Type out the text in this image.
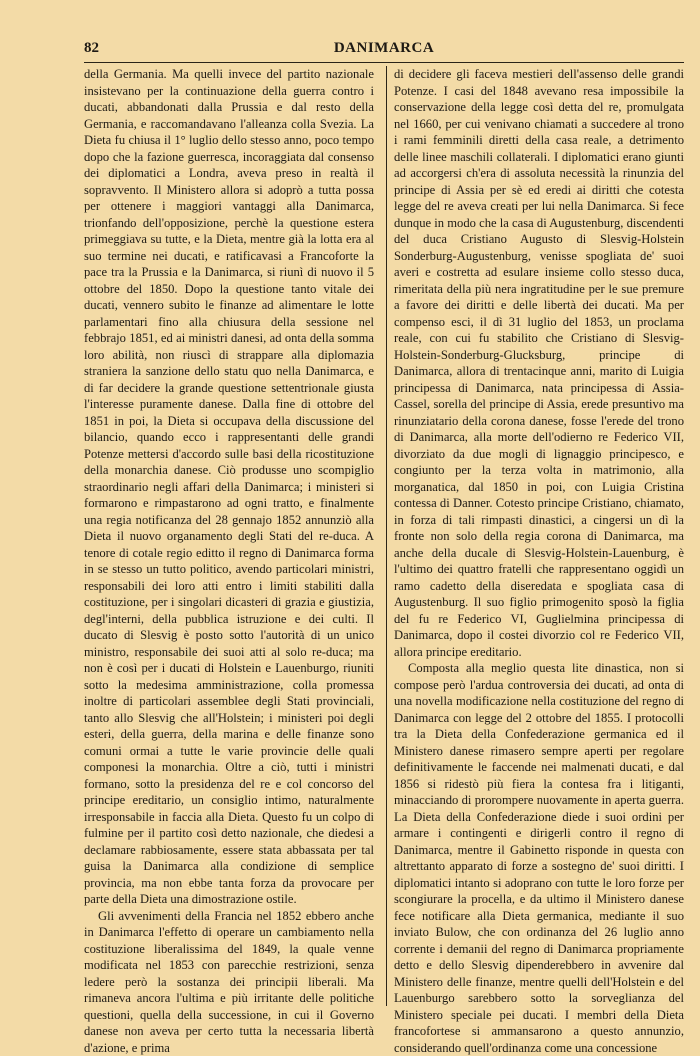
82	DANIMARCA

della Germania. Ma quelli invece del partito nazionale insistevano per la continuazione della guerra contro i ducati, abbandonati dalla Prussia e dal resto della Germania, e raccomandavano l'alleanza colla Svezia. La Dieta fu chiusa il 1° luglio dello stesso anno, poco tempo dopo che la fazione guerresca, incoraggiata dal consenso dei diplomatici a Londra, aveva preso in realtà il sopravvento. Il Ministero allora si adoprò a tutta possa per ottenere i maggiori vantaggi alla Danimarca, trionfando dell'opposizione, perchè la questione estera primeggiava su tutte, e la Dieta, mentre già la lotta era al suo termine nei ducati, e ratificavasi a Francoforte la pace tra la Prussia e la Danimarca, si riunì di nuovo il 5 ottobre del 1850. Dopo la questione tanto vitale dei ducati, vennero subito le finanze ad alimentare le lotte parlamentari fino alla chiusura della sessione nel febbrajo 1851, ed ai ministri danesi, ad onta della somma loro abilità, non riuscì di strappare alla diplomazia straniera la sanzione dello statu quo nella Danimarca, e di far decidere la grande questione settentrionale giusta l'interesse puramente danese. Dalla fine di ottobre del 1851 in poi, la Dieta si occupava della discussione del bilancio, quando ecco i rappresentanti delle grandi Potenze mettersi d'accordo sulle basi della ricostituzione della monarchia danese. Ciò produsse uno scompiglio straordinario negli affari della Danimarca; i ministeri si formarono e rimpastarono ad ogni tratto, e finalmente una regia notificanza del 28 gennajo 1852 annunziò alla Dieta il nuovo organamento degli Stati del re-duca. A tenore di cotale regio editto il regno di Danimarca forma in se stesso un tutto politico, avendo particolari ministri, responsabili dei loro atti entro i limiti stabiliti dalla costituzione, per i singolari dicasteri di grazia e giustizia, degl'interni, della pubblica istruzione e dei culti. Il ducato di Slesvig è posto sotto l'autorità di un unico ministro, responsabile dei suoi atti al solo re-duca; ma non è così per i ducati di Holstein e Lauenburgo, riuniti sotto la medesima amministrazione, colla promessa inoltre di particolari assemblee degli Stati provinciali, tanto allo Slesvig che all'Holstein; i ministeri poi degli esteri, della guerra, della marina e delle finanze sono comuni ormai a tutte le varie provincie delle quali componesi la monarchia. Oltre a ciò, tutti i ministri formano, sotto la presidenza del re e col concorso del principe ereditario, un consiglio intimo, naturalmente irresponsabile in faccia alla Dieta. Questo fu un colpo di fulmine per il partito così detto nazionale, che diedesi a declamare rabbiosamente, essere stata abbassata per tal guisa la Danimarca alla condizione di semplice provincia, ma non ebbe tanta forza da provocare per parte della Dieta una dimostrazione ostile.

Gli avvenimenti della Francia nel 1852 ebbero anche in Danimarca l'effetto di operare un cambiamento nella costituzione liberalissima del 1849, la quale venne modificata nel 1853 con parecchie restrizioni, senza ledere però la sostanza dei principii liberali. Ma rimaneva ancora l'ultima e più irritante delle politiche questioni, quella della successione, in cui il Governo danese non aveva per certo tutta la necessaria libertà d'azione, e prima

di decidere gli faceva mestieri dell'assenso delle grandi Potenze. I casi del 1848 avevano resa impossibile la conservazione della legge così detta del re, promulgata nel 1660, per cui venivano chiamati a succedere al trono i rami femminili diretti della casa reale, a detrimento delle linee maschili collaterali. I diplomatici erano giunti ad accorgersi ch'era di assoluta necessità la rinunzia del principe di Assia per sè ed eredi ai diritti che cotesta legge del re aveva creati per lui nella Danimarca. Si fece dunque in modo che la casa di Augustenburg, discendenti del duca Cristiano Augusto di Slesvig-Holstein Sonderburg-Augustenburg, venisse spogliata de' suoi averi e costretta ad esulare insieme collo stesso duca, rimeritata della più nera ingratitudine per le sue premure a favore dei diritti e delle libertà dei ducati. Ma per compenso esci, il dì 31 luglio del 1853, un proclama reale, con cui fu stabilito che Cristiano di Slesvig-Holstein-Sonderburg-Glucksburg, principe di Danimarca, allora di trentacinque anni, marito di Luigia principessa di Danimarca, nata principessa di Assia-Cassel, sorella del principe di Assia, erede presuntivo ma rinunziatario della corona danese, fosse l'erede del trono di Danimarca, alla morte dell'odierno re Federico VII, divorziato da due mogli di lignaggio principesco, e congiunto per la terza volta in matrimonio, alla morganatica, dal 1850 in poi, con Luigia Cristina contessa di Danner. Cotesto principe Cristiano, chiamato, in forza di tali rimpasti dinastici, a cingersi un dì la fronte non solo della regia corona di Danimarca, ma anche della ducale di Slesvig-Holstein-Lauenburg, è l'ultimo dei quattro fratelli che rappresentano oggidì un ramo cadetto della diseredata e spogliata casa di Augustenburg. Il suo figlio primogenito sposò la figlia del fu re Federico VI, Guglielmina principessa di Danimarca, dopo il costei divorzio col re Federico VII, allora principe ereditario.

Composta alla meglio questa lite dinastica, non si compose però l'ardua controversia dei ducati, ad onta di una novella modificazione nella costituzione del regno di Danimarca con legge del 2 ottobre del 1855. I protocolli tra la Dieta della Confederazione germanica ed il Ministero danese rimasero sempre aperti per regolare definitivamente le faccende nei malmenati ducati, e dal 1856 si ridestò più fiera la contesa fra i litiganti, minacciando di prorompere nuovamente in aperta guerra. La Dieta della Confederazione diede i suoi ordini per armare i contingenti e dirigerli contro il regno di Danimarca, mentre il Gabinetto risponde in questa con altrettanto apparato di forze a sostegno de' suoi diritti. I diplomatici intanto si adoprano con tutte le loro forze per scongiurare la procella, e da ultimo il Ministero danese fece notificare alla Dieta germanica, mediante il suo inviato Bulow, che con ordinanza del 26 luglio anno corrente i demanii del regno di Danimarca propriamente detto e dello Slesvig dipenderebbero in avvenire dal Ministero delle finanze, mentre quelli dell'Holstein e del Lauenburgo sarebbero sotto la sorveglianza del Ministero speciale pei ducati. I membri della Dieta francofortese si ammansarono a questo annunzio, considerando quell'ordinanza come una concessione
